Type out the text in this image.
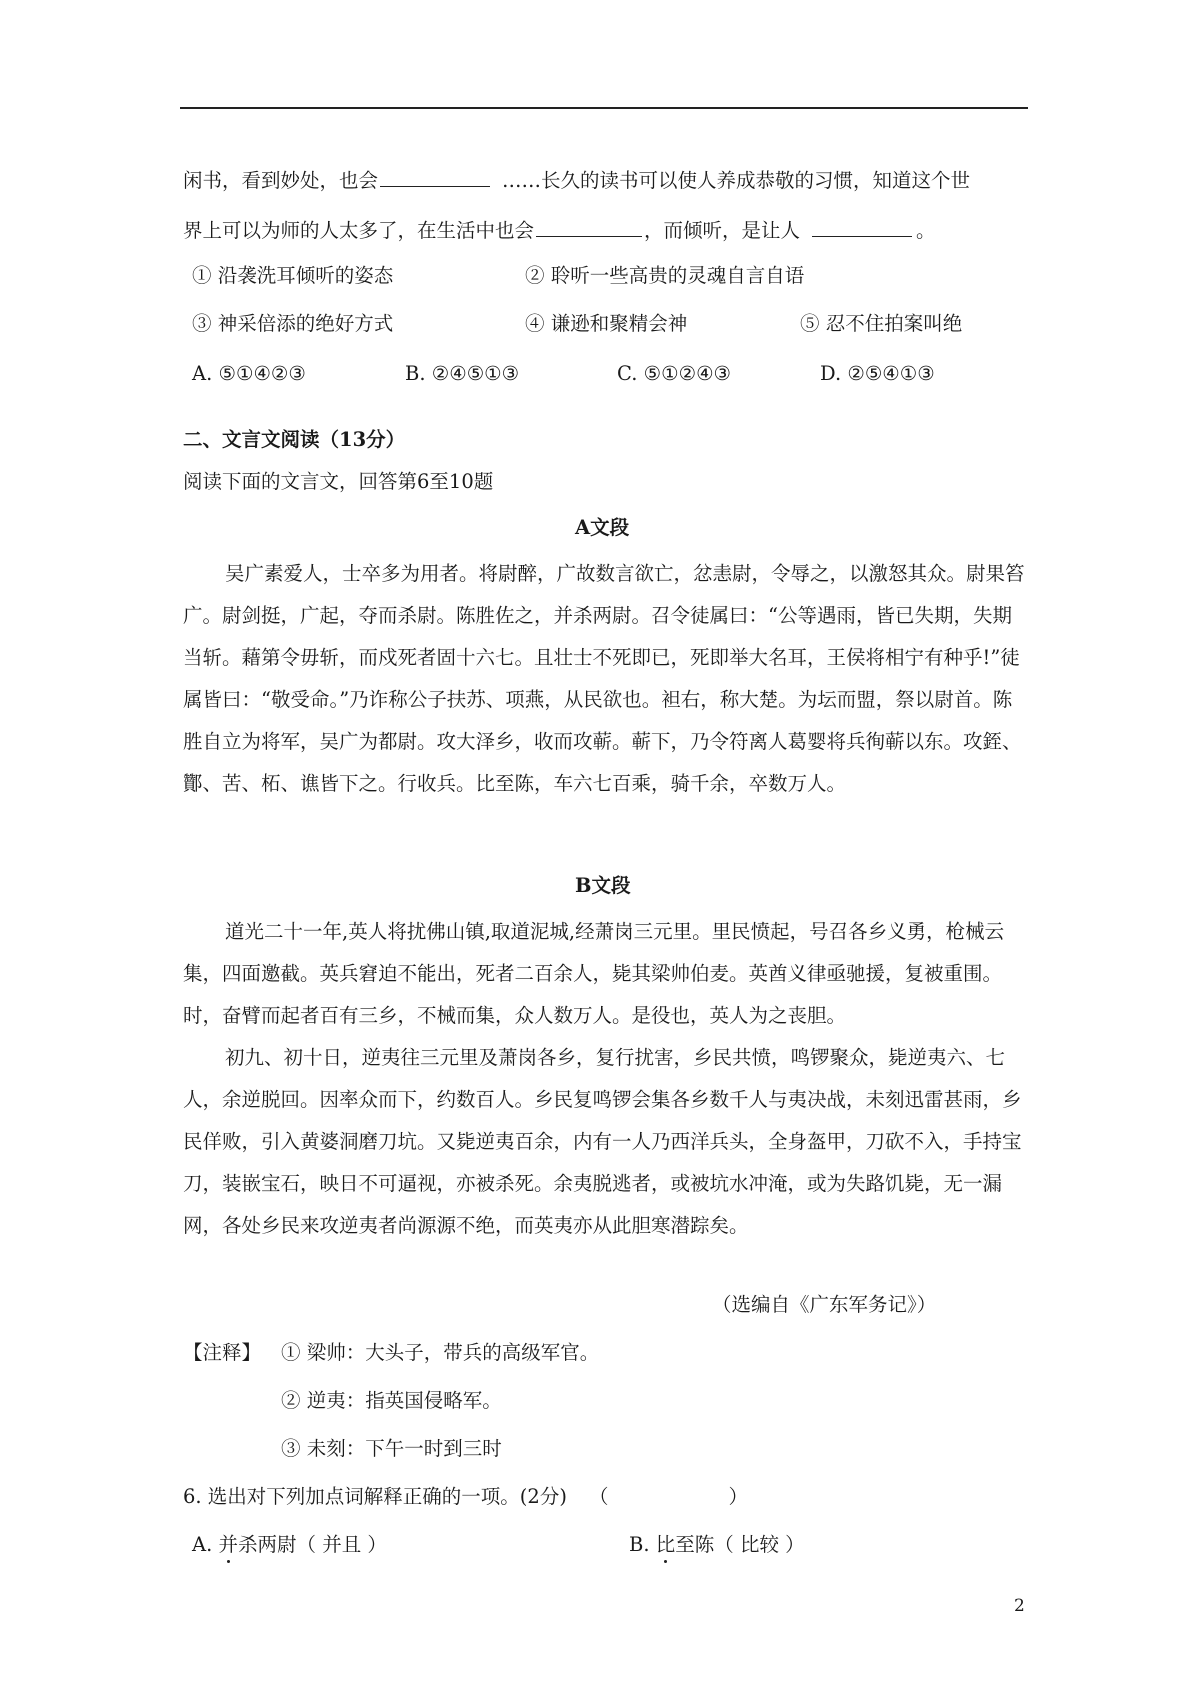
闲书，看到妙处，也会	……长久的读书可以使人养成恭敬的习惯，知道这个世
界上可以为师的人太多了，在生活中也会	，而倾听，是让人	。
① 沿袭洗耳倾听的姿态	② 聆听一些高贵的灵魂自言自语
③ 神采倍添的绝好方式	④ 谦逊和聚精会神	⑤ 忍不住拍案叫绝
A. ⑤①④②③	B. ②④⑤①③	C. ⑤①②④③	D. ②⑤④①③
二、文言文阅读（13分）
阅读下面的文言文，回答第6至10题
A文段

吴广素爱人，士卒多为用者。将尉醉，广故数言欲亡，忿恚尉，令辱之，以激怒其众。尉果笞广。尉剑挺，广起，夺而杀尉。陈胜佐之，并杀两尉。召令徒属曰：“公等遇雨，皆已失期，失期当斩。藉第令毋斩，而戍死者固十六七。且壮士不死即已，死即举大名耳，王侯将相宁有种乎!”徒属皆曰：“敬受命。”乃诈称公子扶苏、项燕，从民欲也。袒右，称大楚。为坛而盟，祭以尉首。陈胜自立为将军，吴广为都尉。攻大泽乡，收而攻蕲。蕲下，乃令符离人葛婴将兵徇蕲以东。攻銍、酇、苦、柘、谯皆下之。行收兵。比至陈，车六七百乘，骑千余，卒数万人。

B文段

道光二十一年,英人将扰佛山镇,取道泥城,经萧岗三元里。里民愤起，号召各乡义勇，枪械云集，四面邀截。英兵窘迫不能出，死者二百余人，毙其梁帅伯麦。英酋义律亟驰援，复被重围。时，奋臂而起者百有三乡，不械而集，众人数万人。是役也，英人为之丧胆。

初九、初十日，逆夷往三元里及萧岗各乡，复行扰害，乡民共愤，鸣锣聚众，毙逆夷六、七人，余逆脱回。因率众而下，约数百人。乡民复鸣锣会集各乡数千人与夷决战，未刻迅雷甚雨，乡民佯败，引入黄婆洞磨刀坑。又毙逆夷百余，内有一人乃西洋兵头，全身盔甲，刀砍不入，手持宝刀，装嵌宝石，映日不可逼视，亦被杀死。余夷脱逃者，或被坑水冲淹，或为失路饥毙，无一漏网，各处乡民来攻逆夷者尚源源不绝，而英夷亦从此胆寒潜踪矣。

（选编自《广东军务记》）
【注释】 ① 梁帅：大头子，带兵的高级军官。
② 逆夷：指英国侵略军。
③ 未刻：下午一时到三时
6. 选出对下列加点词解释正确的一项。(2分) （	）
A. 并杀两尉（ 并且 ）	B. 比至陈（ 比较 ）
2
